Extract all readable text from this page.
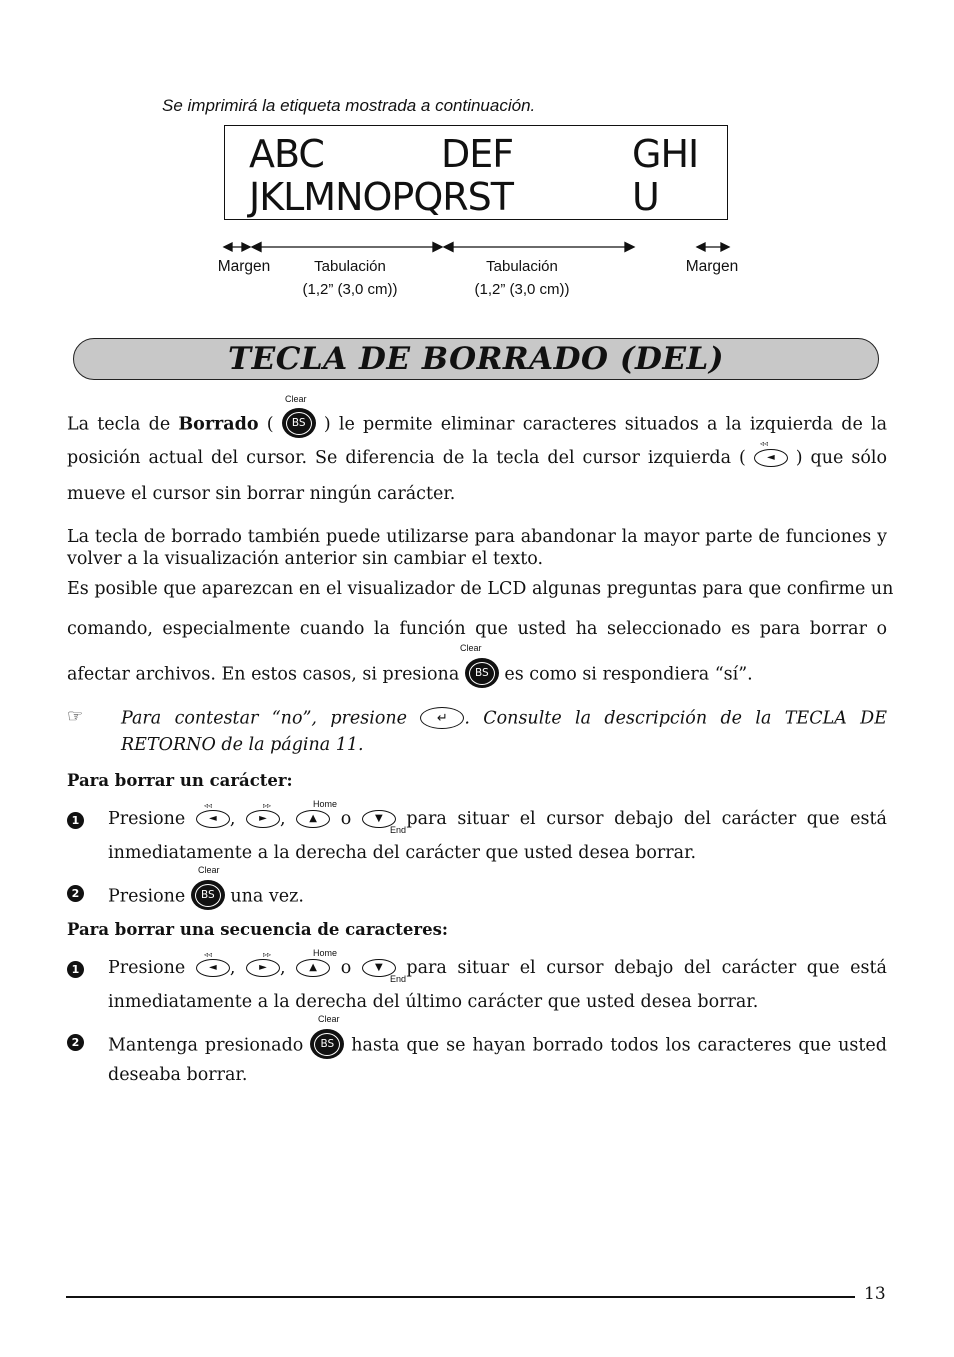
Se imprimirá la etiqueta mostrada a continuación.
ABC	DEF	GHI
JKLMNOPQRST	U
Margen	Tabulación
(1,2” (3,0 cm))
Tabulación
(1,2” (3,0 cm))
Margen
TECLA DE BORRADO (DEL)
Clear
La tecla de Borrado ( BS ) le permite eliminar caracteres situados a la izquierda de la
◃◃
posición actual del cursor. Se diferencia de la tecla del cursor izquierda ( ◄ ) que sólo
mueve el cursor sin borrar ningún carácter.
La tecla de borrado también puede utilizarse para abandonar la mayor parte de funciones y
volver a la visualización anterior sin cambiar el texto.
Es posible que aparezcan en el visualizador de LCD algunas preguntas para que confirme un
comando, especialmente cuando la función que usted ha seleccionado es para borrar o
Clear
afectar archivos. En estos casos, si presiona BS es como si respondiera “sí”.
☞ Para contestar “no”, presione ↵ . Consulte la descripción de la TECLA DE
RETORNO de la página 11.
Para borrar un carácter:
1
◃◃	▹▹	Home
End
Presione ◄ , ► , ▲ o ▼ para situar el cursor debajo del carácter que está
inmediatamente a la derecha del carácter que usted desea borrar.
2
Clear
Presione BS una vez.
Para borrar una secuencia de caracteres:
1
◃◃	▹▹	Home
End
Presione ◄ , ► , ▲ o ▼ para situar el cursor debajo del carácter que está
inmediatamente a la derecha del último carácter que usted desea borrar.
2
Clear
Mantenga presionado BS hasta que se hayan borrado todos los caracteres que usted
deseaba borrar.
13
